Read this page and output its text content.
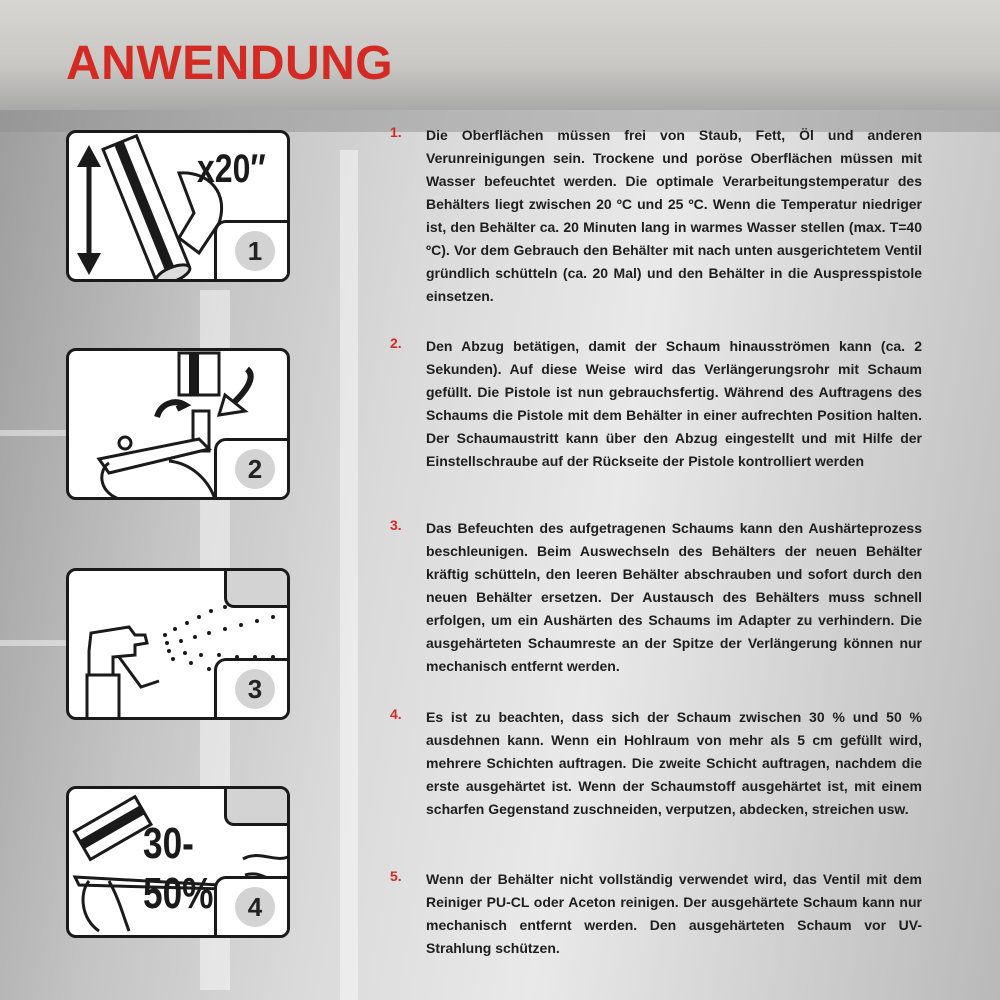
ANWENDUNG
x20″
1
2
3
30-50%	4
1. Die Oberflächen müssen frei von Staub, Fett, Öl und anderen Verunreinigungen sein. Trockene und poröse Oberflächen müssen mit Wasser befeuchtet werden. Die optimale Verarbeitungstemperatur des Behälters liegt zwischen 20 ºC und 25 ºC. Wenn die Temperatur niedriger ist, den Behälter ca. 20 Minuten lang in warmes Wasser stellen (max. T=40 ºC). Vor dem Gebrauch den Behälter mit nach unten ausgerichtetem Ventil gründlich schütteln (ca. 20 Mal) und den Behälter in die Auspresspistole einsetzen.

2. Den Abzug betätigen, damit der Schaum hinausströmen kann (ca. 2 Sekunden). Auf diese Weise wird das Verlängerungsrohr mit Schaum gefüllt. Die Pistole ist nun gebrauchsfertig. Während des Auftragens des Schaums die Pistole mit dem Behälter in einer aufrechten Position halten. Der Schaumaustritt kann über den Abzug eingestellt und mit Hilfe der Einstellschraube auf der Rückseite der Pistole kontrolliert werden

3. Das Befeuchten des aufgetragenen Schaums kann den Aushärteprozess beschleunigen. Beim Auswechseln des Behälters der neuen Behälter kräftig schütteln, den leeren Behälter abschrauben und sofort durch den neuen Behälter ersetzen. Der Austausch des Behälters muss schnell erfolgen, um ein Aushärten des Schaums im Adapter zu verhindern. Die ausgehärteten Schaumreste an der Spitze der Verlängerung können nur mechanisch entfernt werden.

4. Es ist zu beachten, dass sich der Schaum zwischen 30 % und 50 % ausdehnen kann. Wenn ein Hohlraum von mehr als 5 cm gefüllt wird, mehrere Schichten auftragen. Die zweite Schicht auftragen, nachdem die erste ausgehärtet ist. Wenn der Schaumstoff ausgehärtet ist, mit einem scharfen Gegenstand zuschneiden, verputzen, abdecken, streichen usw.

5. Wenn der Behälter nicht vollständig verwendet wird, das Ventil mit dem Reiniger PU-CL oder Aceton reinigen. Der ausgehärtete Schaum kann nur mechanisch entfernt werden. Den ausgehärteten Schaum vor UV-Strahlung schützen.
